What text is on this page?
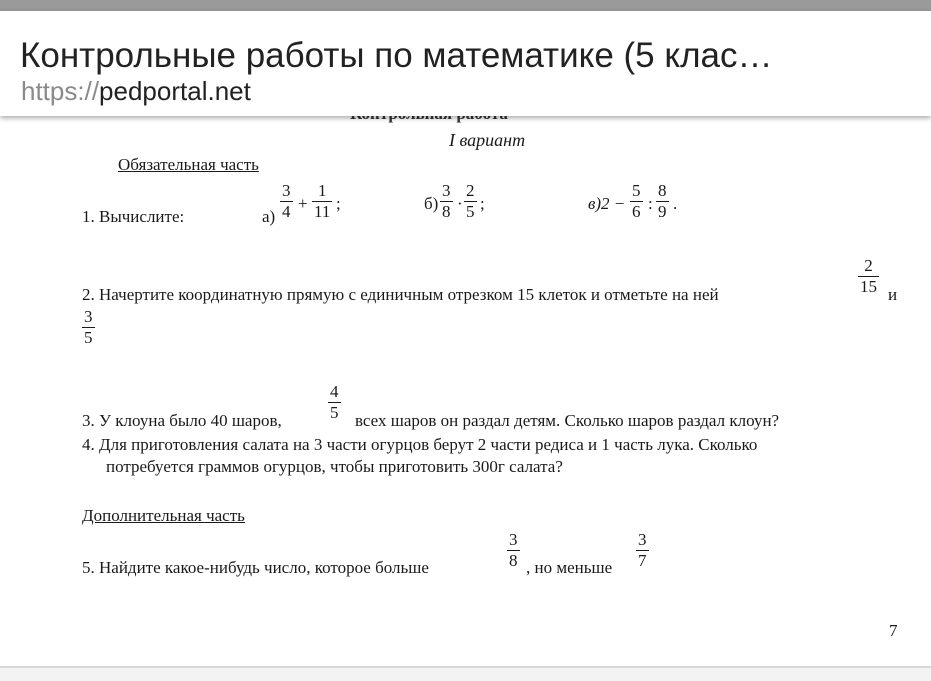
Контрольные работы по математике (5 клас…
https://pedportal.net
I вариант
Обязательная часть
1. Вычислите:	$а) \frac{3}{4} + \frac{1}{11}$ ;	$б) \frac{3}{8} \cdot \frac{2}{5}$ ;	$в)2 - \frac{5}{6}$ : $\frac{8}{9}$ .
2. Начертите координатную прямую с единичным отрезком 15 клеток и отметьте на ней	$\frac{2}{15}$ и
$\frac{3}{5}$
3. У клоуна было 40 шаров,	$\frac{4}{5}$ всех шаров он раздал детям. Сколько шаров раздал клоун?
4. Для приготовления салата на 3 части огурцов берут 2 части редиса и 1 часть лука. Сколько
потребуется граммов огурцов, чтобы приготовить 300г салата?
Дополнительная часть
5. Найдите какое-нибудь число, которое больше	$\frac{3}{8}$ , но меньше $\frac{3}{7}$
7
